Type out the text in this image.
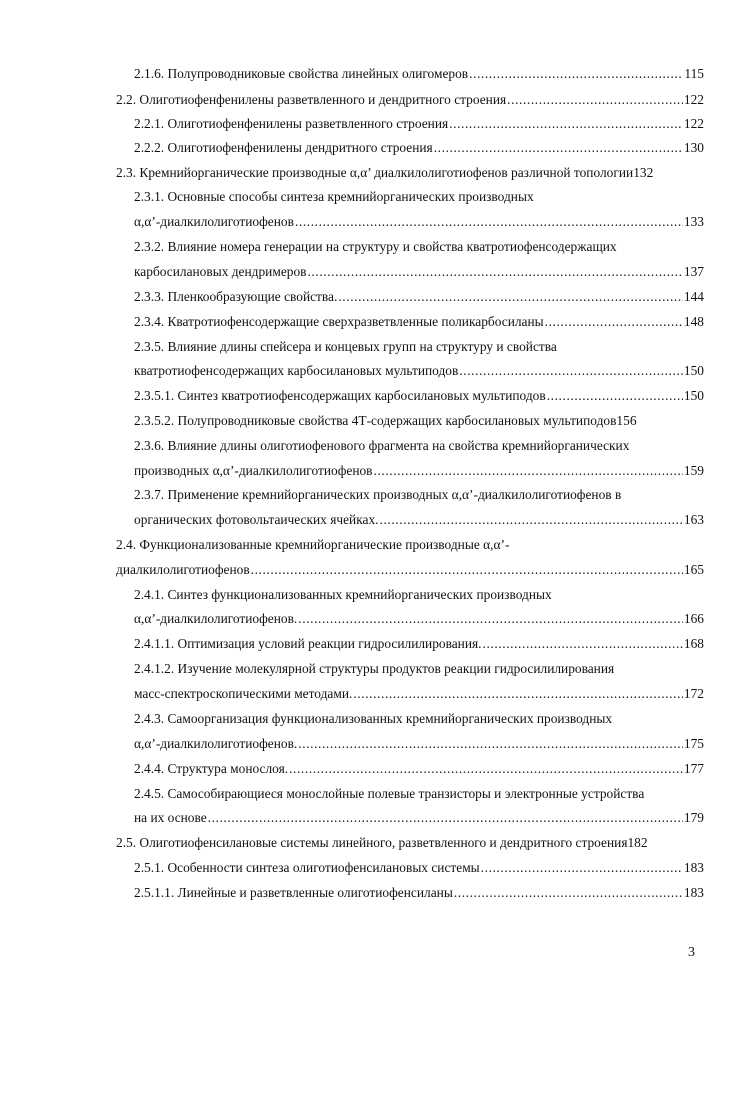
2.1.6. Полупроводниковые свойства линейных олигомеров .....	115
2.2. Олиготиофенфенилены разветвленного и дендритного строения .....	122
2.2.1. Олиготиофенфенилены разветвленного строения .....	122
2.2.2. Олиготиофенфенилены дендритного строения .....	130
2.3. Кремнийорганические производные α,α’ диалкилолиготиофенов различной топологии132
2.3.1. Основные способы синтеза кремнийорганических производных
α,α’-диалкилолиготиофенов .....	133
2.3.2. Влияние номера генерации на структуру и свойства кватротиофенсодержащих
карбосилановых дендримеров .....	137
2.3.3. Пленкообразующие свойства. .....	144
2.3.4. Кватротиофенсодержащие сверхразветвленные поликарбосиланы .....	148
2.3.5. Влияние длины спейсера и концевых групп на структуру и свойства
кватротиофенсодержащих карбосилановых мультиподов .....	150
2.3.5.1. Синтез кватротиофенсодержащих карбосилановых мультиподов .....	150
2.3.5.2. Полупроводниковые свойства 4Т-содержащих карбосилановых мультиподов156
2.3.6. Влияние длины олиготиофенового фрагмента на свойства кремнийорганических
производных α,α’-диалкилолиготиофенов .....	159
2.3.7. Применение кремнийорганических производных α,α’-диалкилолиготиофенов в
органических фотовольтаических ячейках. .....	163
2.4. Функционализованные кремнийорганические производные α,α’-
диалкилолиготиофенов .....	165
2.4.1. Синтез функционализованных кремнийорганических производных
α,α’-диалкилолиготиофенов. .....	166
2.4.1.1. Оптимизация условий реакции гидросилилирования. .....	168
2.4.1.2. Изучение молекулярной структуры продуктов реакции гидросилилирования
масс-спектроскопическими методами. .....	172
2.4.3. Самоорганизация функционализованных кремнийорганических производных
α,α’-диалкилолиготиофенов. .....	175
2.4.4. Структура монослоя. .....	177
2.4.5. Самособирающиеся монослойные полевые транзисторы и электронные устройства
на их основе .....	179
2.5. Олиготиофенсилановые системы линейного, разветвленного и дендритного строения182
2.5.1. Особенности синтеза олиготиофенсилановых системы .....	183
2.5.1.1. Линейные и разветвленные олиготиофенсиланы .....	183
3
